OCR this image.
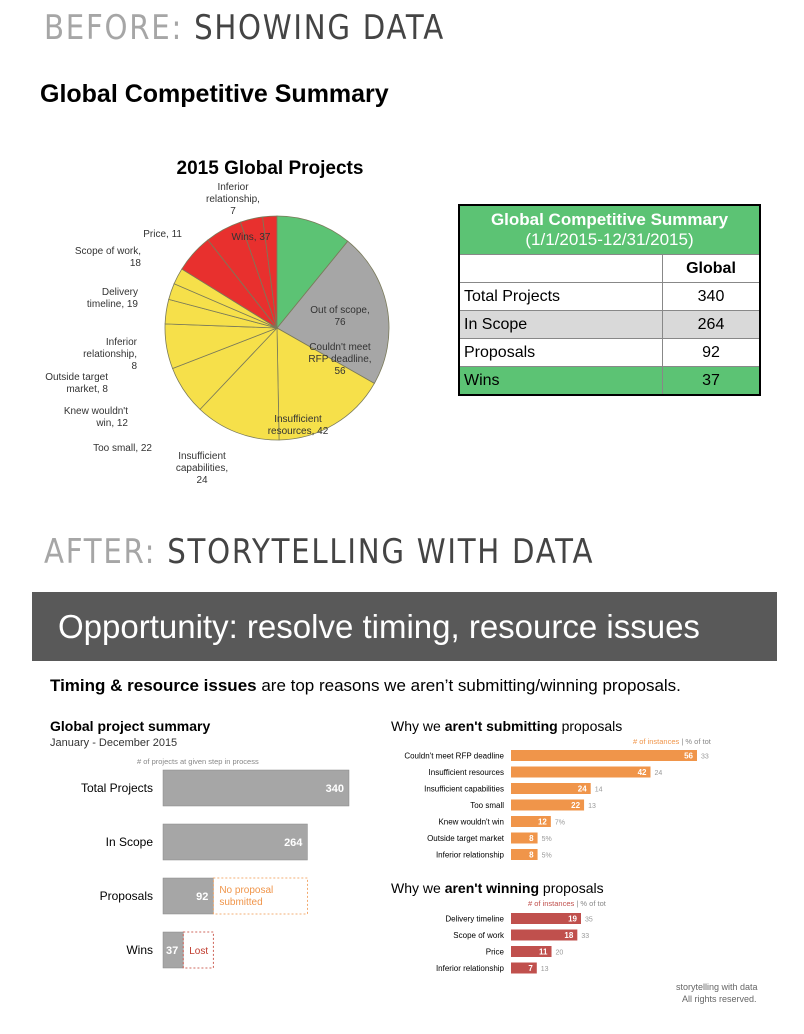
BEFORE: SHOWING DATA
Global Competitive Summary
2015 Global Projects
Out of scope, 76
Couldn't meet RFP deadline, 56
Insufficient resources, 42
Insufficient capabilities, 24
Too small, 22
Knew wouldn't win, 12
Outside target market, 8
Inferior relationship, 8
Delivery timeline, 19
Scope of work, 18
Price, 11
Inferior relationship, 7
Wins, 37
Global Competitive Summary
(1/1/2015-12/31/2015)	
	Global
Total Projects	340
In Scope	264
Proposals	92
Wins	37
AFTER: STORYTELLING WITH DATA
Opportunity: resolve timing, resource issues
Timing & resource issues are top reasons we aren’t submitting/winning proposals.
Global project summary
January - December 2015
# of projects at given step in process
Total Projects	340
In Scope	264
Proposals	92
Wins 37
No proposal
submitted
Lost
Why we aren't submitting proposals
# of instances | % of tot
Couldn't meet RFP deadline	56 33
Insufficient resources	42 24
Insufficient capabilities	24 14
Too small	22 13
Knew wouldn't win	12 7%
Outside target market	8 5%
Inferior relationship	8 5%
Why we aren't winning proposals
# of instances | % of tot
Delivery timeline	19 35
Scope of work	18 33
Price	11 20
Inferior relationship	7 13
storytelling with data
All rights reserved.
